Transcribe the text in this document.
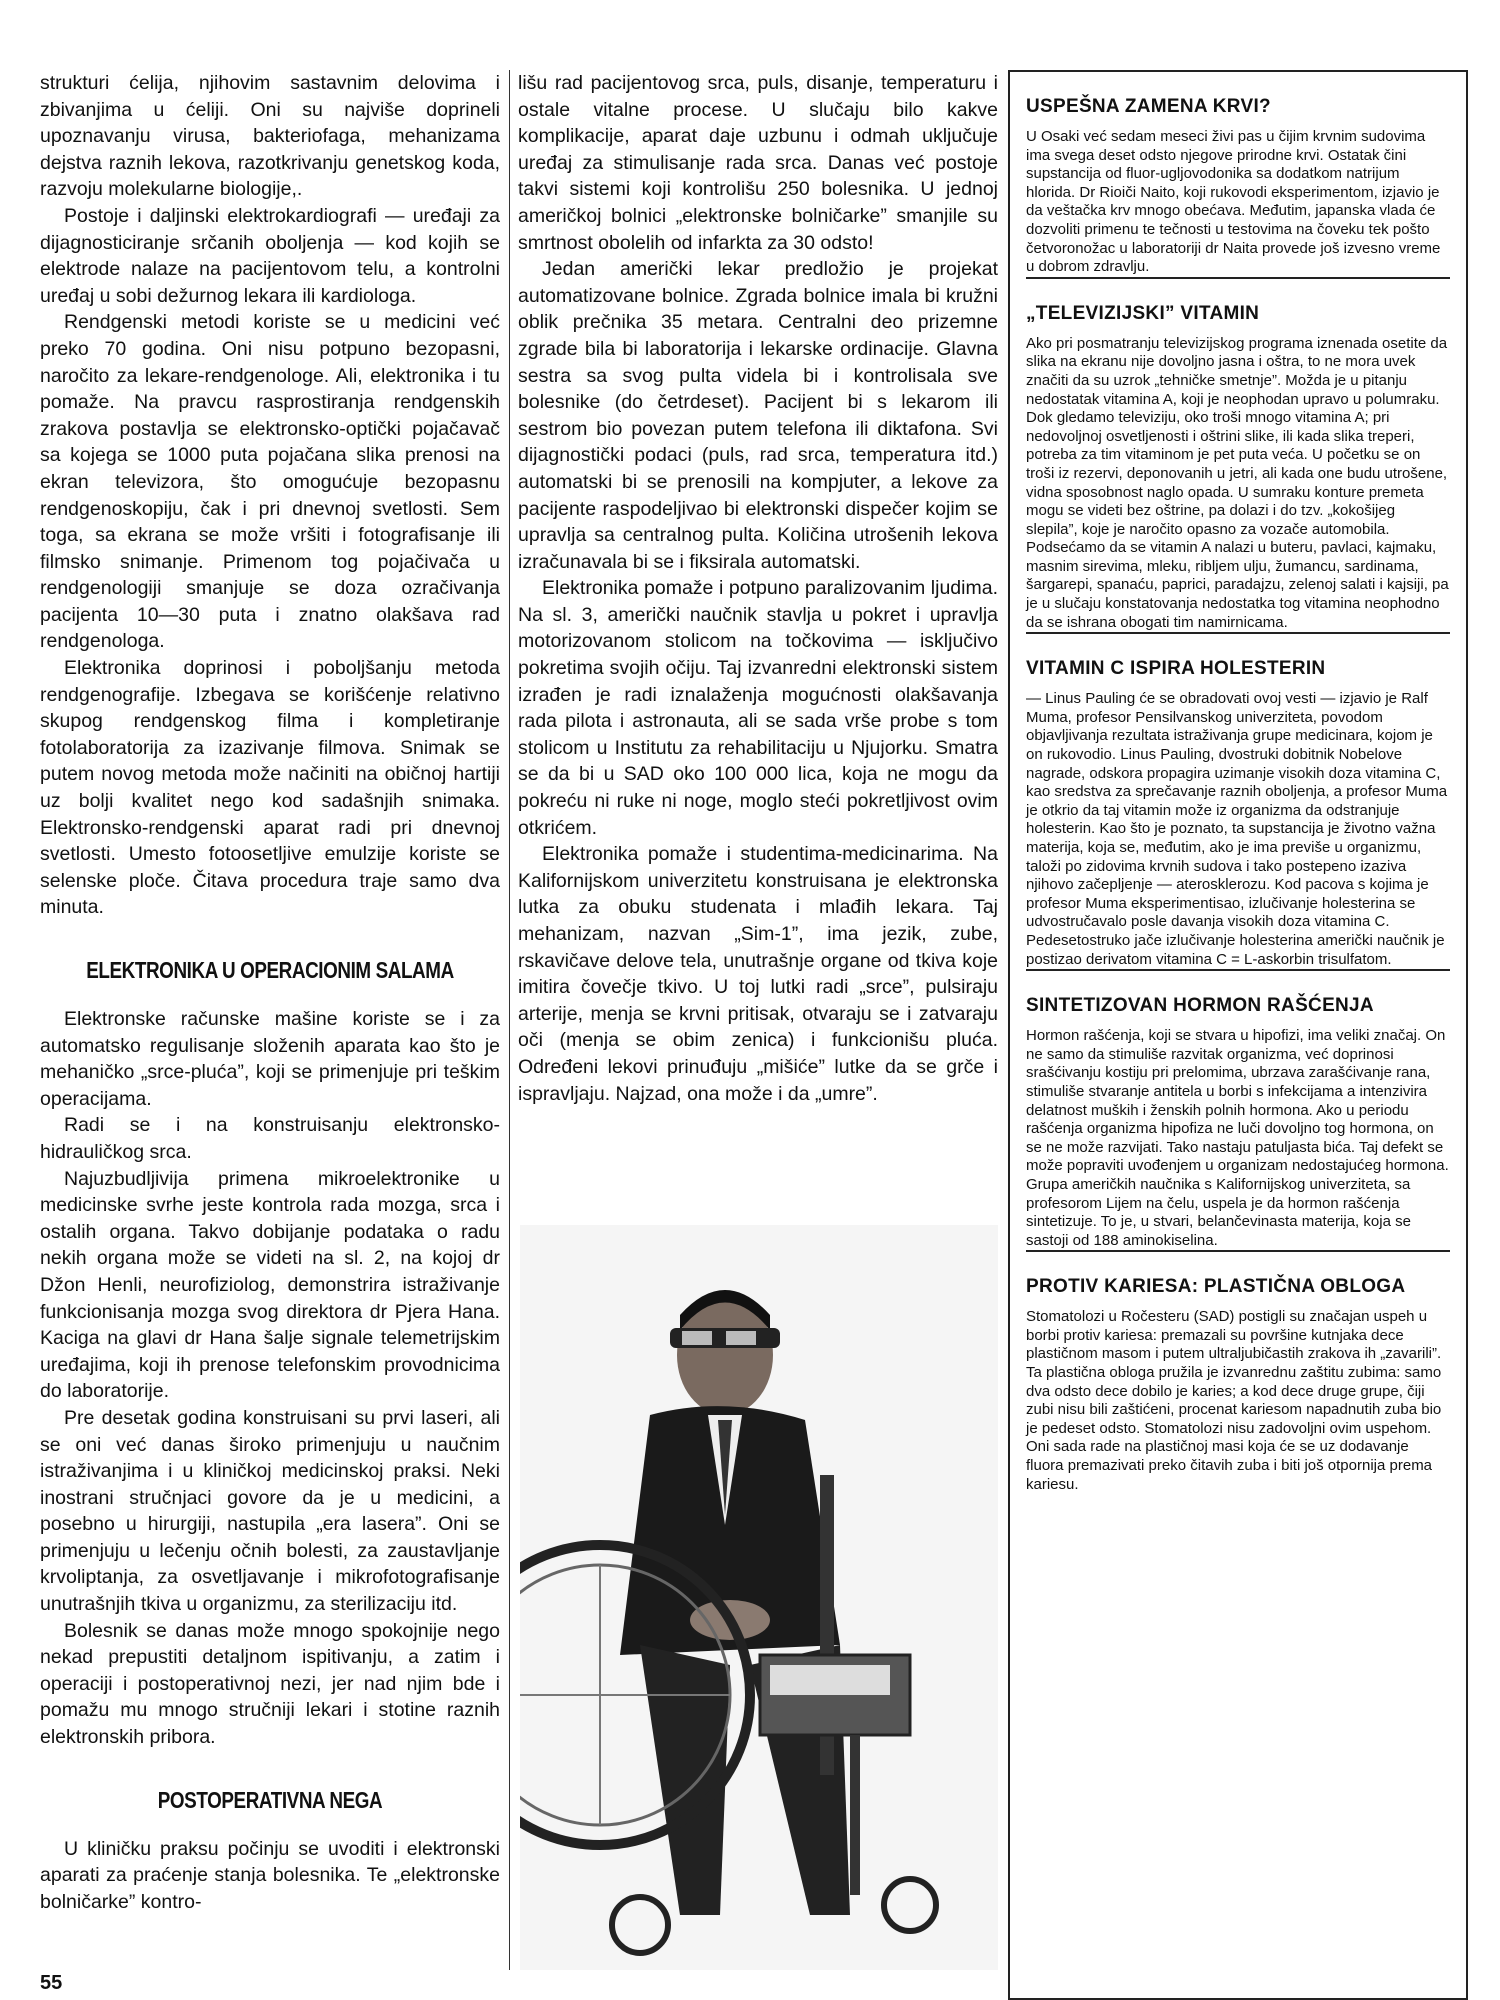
strukturi ćelija, njihovim sastavnim delovima i zbivanjima u ćeliji. Oni su najviše doprineli upoznavanju virusa, bakteriofaga, mehanizama dejstva raznih lekova, razotkrivanju genetskog koda, razvoju molekularne biologije,.

Postoje i daljinski elektrokardiografi — uređaji za dijagnosticiranje srčanih oboljenja — kod kojih se elektrode nalaze na pacijentovom telu, a kontrolni uređaj u sobi dežurnog lekara ili kardiologa.

Rendgenski metodi koriste se u medicini već preko 70 godina. Oni nisu potpuno bezopasni, naročito za lekare-rendgenologe. Ali, elektronika i tu pomaže. Na pravcu rasprostiranja rendgenskih zrakova postavlja se elektronsko-optički pojačavač sa kojega se 1000 puta pojačana slika prenosi na ekran televizora, što omogućuje bezopasnu rendgenoskopiju, čak i pri dnevnoj svetlosti. Sem toga, sa ekrana se može vršiti i fotografisanje ili filmsko snimanje. Primenom tog pojačivača u rendgenologiji smanjuje se doza ozračivanja pacijenta 10—30 puta i znatno olakšava rad rendgenologa.

Elektronika doprinosi i poboljšanju metoda rendgenografije. Izbegava se korišćenje relativno skupog rendgenskog filma i kompletiranje fotolaboratorija za izazivanje filmova. Snimak se putem novog metoda može načiniti na običnoj hartiji uz bolji kvalitet nego kod sadašnjih snimaka. Elektronsko-rendgenski aparat radi pri dnevnoj svetlosti. Umesto fotoosetljive emulzije koriste se selenske ploče. Čitava procedura traje samo dva minuta.

ELEKTRONIKA U OPERACIONIM SALAMA

Elektronske računske mašine koriste se i za automatsko regulisanje složenih aparata kao što je mehaničko „srce-pluća”, koji se primenjuje pri teškim operacijama.

Radi se i na konstruisanju elektronsko-hidrauličkog srca.

Najuzbudljivija primena mikroelektronike u medicinske svrhe jeste kontrola rada mozga, srca i ostalih organa. Takvo dobijanje podataka o radu nekih organa može se videti na sl. 2, na kojoj dr Džon Henli, neurofiziolog, demonstrira istraživanje funkcionisanja mozga svog direktora dr Pjera Hana. Kaciga na glavi dr Hana šalje signale telemetrijskim uređajima, koji ih prenose telefonskim provodnicima do laboratorije.

Pre desetak godina konstruisani su prvi laseri, ali se oni već danas široko primenjuju u naučnim istraživanjima i u kliničkoj medicinskoj praksi. Neki inostrani stručnjaci govore da je u medicini, a posebno u hirurgiji, nastupila „era lasera”. Oni se primenjuju u lečenju očnih bolesti, za zaustavljanje krvoliptanja, za osvetljavanje i mikrofotografisanje unutrašnjih tkiva u organizmu, za sterilizaciju itd.

Bolesnik se danas može mnogo spokojnije nego nekad prepustiti detaljnom ispitivanju, a zatim i operaciji i postoperativnoj nezi, jer nad njim bde i pomažu mu mnogo stručniji lekari i stotine raznih elektronskih pribora.

POSTOPERATIVNA NEGA

U kliničku praksu počinju se uvoditi i elektronski aparati za praćenje stanja bolesnika. Te „elektronske bolničarke” kontro-

lišu rad pacijentovog srca, puls, disanje, temperaturu i ostale vitalne procese. U slučaju bilo kakve komplikacije, aparat daje uzbunu i odmah uključuje uređaj za stimulisanje rada srca. Danas već postoje takvi sistemi koji kontrolišu 250 bolesnika. U jednoj američkoj bolnici „elektronske bolničarke” smanjile su smrtnost obolelih od infarkta za 30 odsto!

Jedan američki lekar predložio je projekat automatizovane bolnice. Zgrada bolnice imala bi kružni oblik prečnika 35 metara. Centralni deo prizemne zgrade bila bi laboratorija i lekarske ordinacije. Glavna sestra sa svog pulta videla bi i kontrolisala sve bolesnike (do četrdeset). Pacijent bi s lekarom ili sestrom bio povezan putem telefona ili diktafona. Svi dijagnostički podaci (puls, rad srca, temperatura itd.) automatski bi se prenosili na kompjuter, a lekove za pacijente raspodeljivao bi elektronski dispečer kojim se upravlja sa centralnog pulta. Količina utrošenih lekova izračunavala bi se i fiksirala automatski.

Elektronika pomaže i potpuno paralizovanim ljudima. Na sl. 3, američki naučnik stavlja u pokret i upravlja motorizovanom stolicom na točkovima — isključivo pokretima svojih očiju. Taj izvanredni elektronski sistem izrađen je radi iznalaženja mogućnosti olakšavanja rada pilota i astronauta, ali se sada vrše probe s tom stolicom u Institutu za rehabilitaciju u Njujorku. Smatra se da bi u SAD oko 100 000 lica, koja ne mogu da pokreću ni ruke ni noge, moglo steći pokretljivost ovim otkrićem.

Elektronika pomaže i studentima-medicinarima. Na Kalifornijskom univerzitetu konstruisana je elektronska lutka za obuku studenata i mlađih lekara. Taj mehanizam, nazvan „Sim-1”, ima jezik, zube, rskavičave delove tela, unutrašnje organe od tkiva koje imitira čovečje tkivo. U toj lutki radi „srce”, pulsiraju arterije, menja se krvni pritisak, otvaraju se i zatvaraju oči (menja se obim zenica) i funkcionišu pluća. Određeni lekovi prinuđuju „mišiće” lutke da se grče i ispravljaju. Najzad, ona može i da „umre”.

USPEŠNA ZAMENA KRVI?

U Osaki već sedam meseci živi pas u čijim krvnim sudovima ima svega deset odsto njegove prirodne krvi. Ostatak čini supstancija od fluor-ugljovodonika sa dodatkom natrijum hlorida. Dr Rioiči Naito, koji rukovodi eksperimentom, izjavio je da veštačka krv mnogo obećava. Međutim, japanska vlada će dozvoliti primenu te tečnosti u testovima na čoveku tek pošto četvoronožac u laboratoriji dr Naita provede još izvesno vreme u dobrom zdravlju.

„TELEVIZIJSKI” VITAMIN

Ako pri posmatranju televizijskog programa iznenada osetite da slika na ekranu nije dovoljno jasna i oštra, to ne mora uvek značiti da su uzrok „tehničke smetnje”. Možda je u pitanju nedostatak vitamina A, koji je neophodan upravo u polumraku. Dok gledamo televiziju, oko troši mnogo vitamina A; pri nedovoljnoj osvetljenosti i oštrini slike, ili kada slika treperi, potreba za tim vitaminom je pet puta veća. U početku se on troši iz rezervi, deponovanih u jetri, ali kada one budu utrošene, vidna sposobnost naglo opada. U sumraku konture premeta mogu se videti bez oštrine, pa dolazi i do tzv. „kokošijeg slepila”, koje je naročito opasno za vozače automobila. Podsećamo da se vitamin A nalazi u buteru, pavlaci, kajmaku, masnim sirevima, mleku, ribljem ulju, žumancu, sardinama, šargarepi, spanaću, paprici, paradajzu, zelenoj salati i kajsiji, pa je u slučaju konstatovanja nedostatka tog vitamina neophodno da se ishrana obogati tim namirnicama.

VITAMIN C ISPIRA HOLESTERIN

— Linus Pauling će se obradovati ovoj vesti — izjavio je Ralf Muma, profesor Pensilvanskog univerziteta, povodom objavljivanja rezultata istraživanja grupe medicinara, kojom je on rukovodio. Linus Pauling, dvostruki dobitnik Nobelove nagrade, odskora propagira uzimanje visokih doza vitamina C, kao sredstva za sprečavanje raznih oboljenja, a profesor Muma je otkrio da taj vitamin može iz organizma da odstranjuje holesterin. Kao što je poznato, ta supstancija je životno važna materija, koja se, međutim, ako je ima previše u organizmu, taloži po zidovima krvnih sudova i tako postepeno izaziva njihovo začepljenje — aterosklerozu. Kod pacova s kojima je profesor Muma eksperimentisao, izlučivanje holesterina se udvostručavalo posle davanja visokih doza vitamina C. Pedesetostruko jače izlučivanje holesterina američki naučnik je postizao derivatom vitamina C = L-askorbin trisulfatom.

SINTETIZOVAN HORMON RAŠĆENJA

Hormon rašćenja, koji se stvara u hipofizi, ima veliki značaj. On ne samo da stimuliše razvitak organizma, već doprinosi srašćivanju kostiju pri prelomima, ubrzava zarašćivanje rana, stimuliše stvaranje antitela u borbi s infekcijama a intenzivira delatnost muških i ženskih polnih hormona. Ako u periodu rašćenja organizma hipofiza ne luči dovoljno tog hormona, on se ne može razvijati. Tako nastaju patuljasta bića. Taj defekt se može popraviti uvođenjem u organizam nedostajućeg hormona. Grupa američkih naučnika s Kalifornijskog univerziteta, sa profesorom Lijem na čelu, uspela je da hormon rašćenja sintetizuje. To je, u stvari, belančevinasta materija, koja se sastoji od 188 aminokiselina.

PROTIV KARIESA: PLASTIČNA OBLOGA

Stomatolozi u Ročesteru (SAD) postigli su značajan uspeh u borbi protiv kariesa: premazali su površine kutnjaka dece plastičnom masom i putem ultraljubičastih zrakova ih „zavarili”. Ta plastična obloga pružila je izvanrednu zaštitu zubima: samo dva odsto dece dobilo je karies; a kod dece druge grupe, čiji zubi nisu bili zaštićeni, procenat kariesom napadnutih zuba bio je pedeset odsto. Stomatolozi nisu zadovoljni ovim uspehom. Oni sada rade na plastičnoj masi koja će se uz dodavanje fluora premazivati preko čitavih zuba i biti još otpornija prema kariesu.

55
